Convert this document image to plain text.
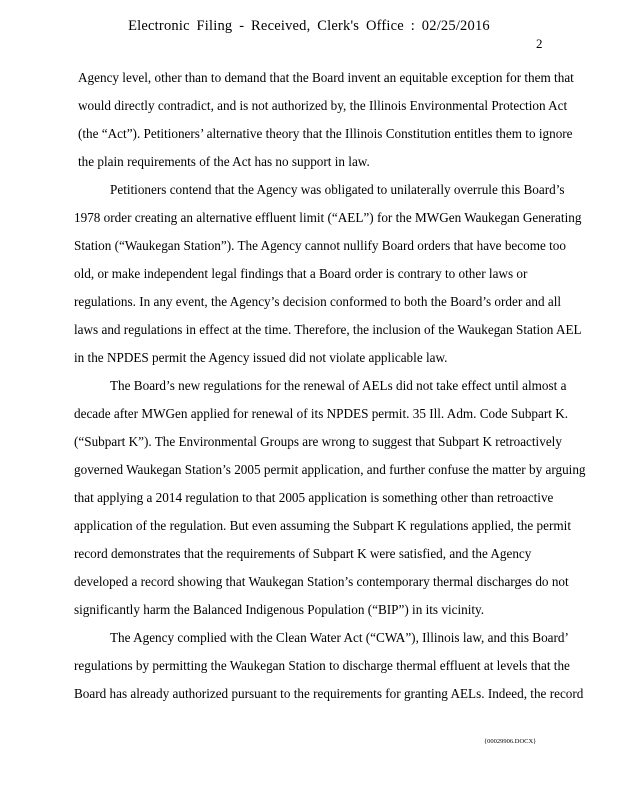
Electronic Filing - Received, Clerk's Office : 02/25/2016
2
Agency level, other than to demand that the Board invent an equitable exception for them that
would directly contradict, and is not authorized by, the Illinois Environmental Protection Act
(the “Act”). Petitioners’ alternative theory that the Illinois Constitution entitles them to ignore
the plain requirements of the Act has no support in law.
Petitioners contend that the Agency was obligated to unilaterally overrule this Board’s
1978 order creating an alternative effluent limit (“AEL”) for the MWGen Waukegan Generating
Station (“Waukegan Station”). The Agency cannot nullify Board orders that have become too
old, or make independent legal findings that a Board order is contrary to other laws or
regulations. In any event, the Agency’s decision conformed to both the Board’s order and all
laws and regulations in effect at the time. Therefore, the inclusion of the Waukegan Station AEL
in the NPDES permit the Agency issued did not violate applicable law.
The Board’s new regulations for the renewal of AELs did not take effect until almost a
decade after MWGen applied for renewal of its NPDES permit. 35 Ill. Adm. Code Subpart K.
(“Subpart K”). The Environmental Groups are wrong to suggest that Subpart K retroactively
governed Waukegan Station’s 2005 permit application, and further confuse the matter by arguing
that applying a 2014 regulation to that 2005 application is something other than retroactive
application of the regulation. But even assuming the Subpart K regulations applied, the permit
record demonstrates that the requirements of Subpart K were satisfied, and the Agency
developed a record showing that Waukegan Station’s contemporary thermal discharges do not
significantly harm the Balanced Indigenous Population (“BIP”) in its vicinity.
The Agency complied with the Clean Water Act (“CWA”), Illinois law, and this Board’
regulations by permitting the Waukegan Station to discharge thermal effluent at levels that the
Board has already authorized pursuant to the requirements for granting AELs. Indeed, the record
{00029906.DOCX}
